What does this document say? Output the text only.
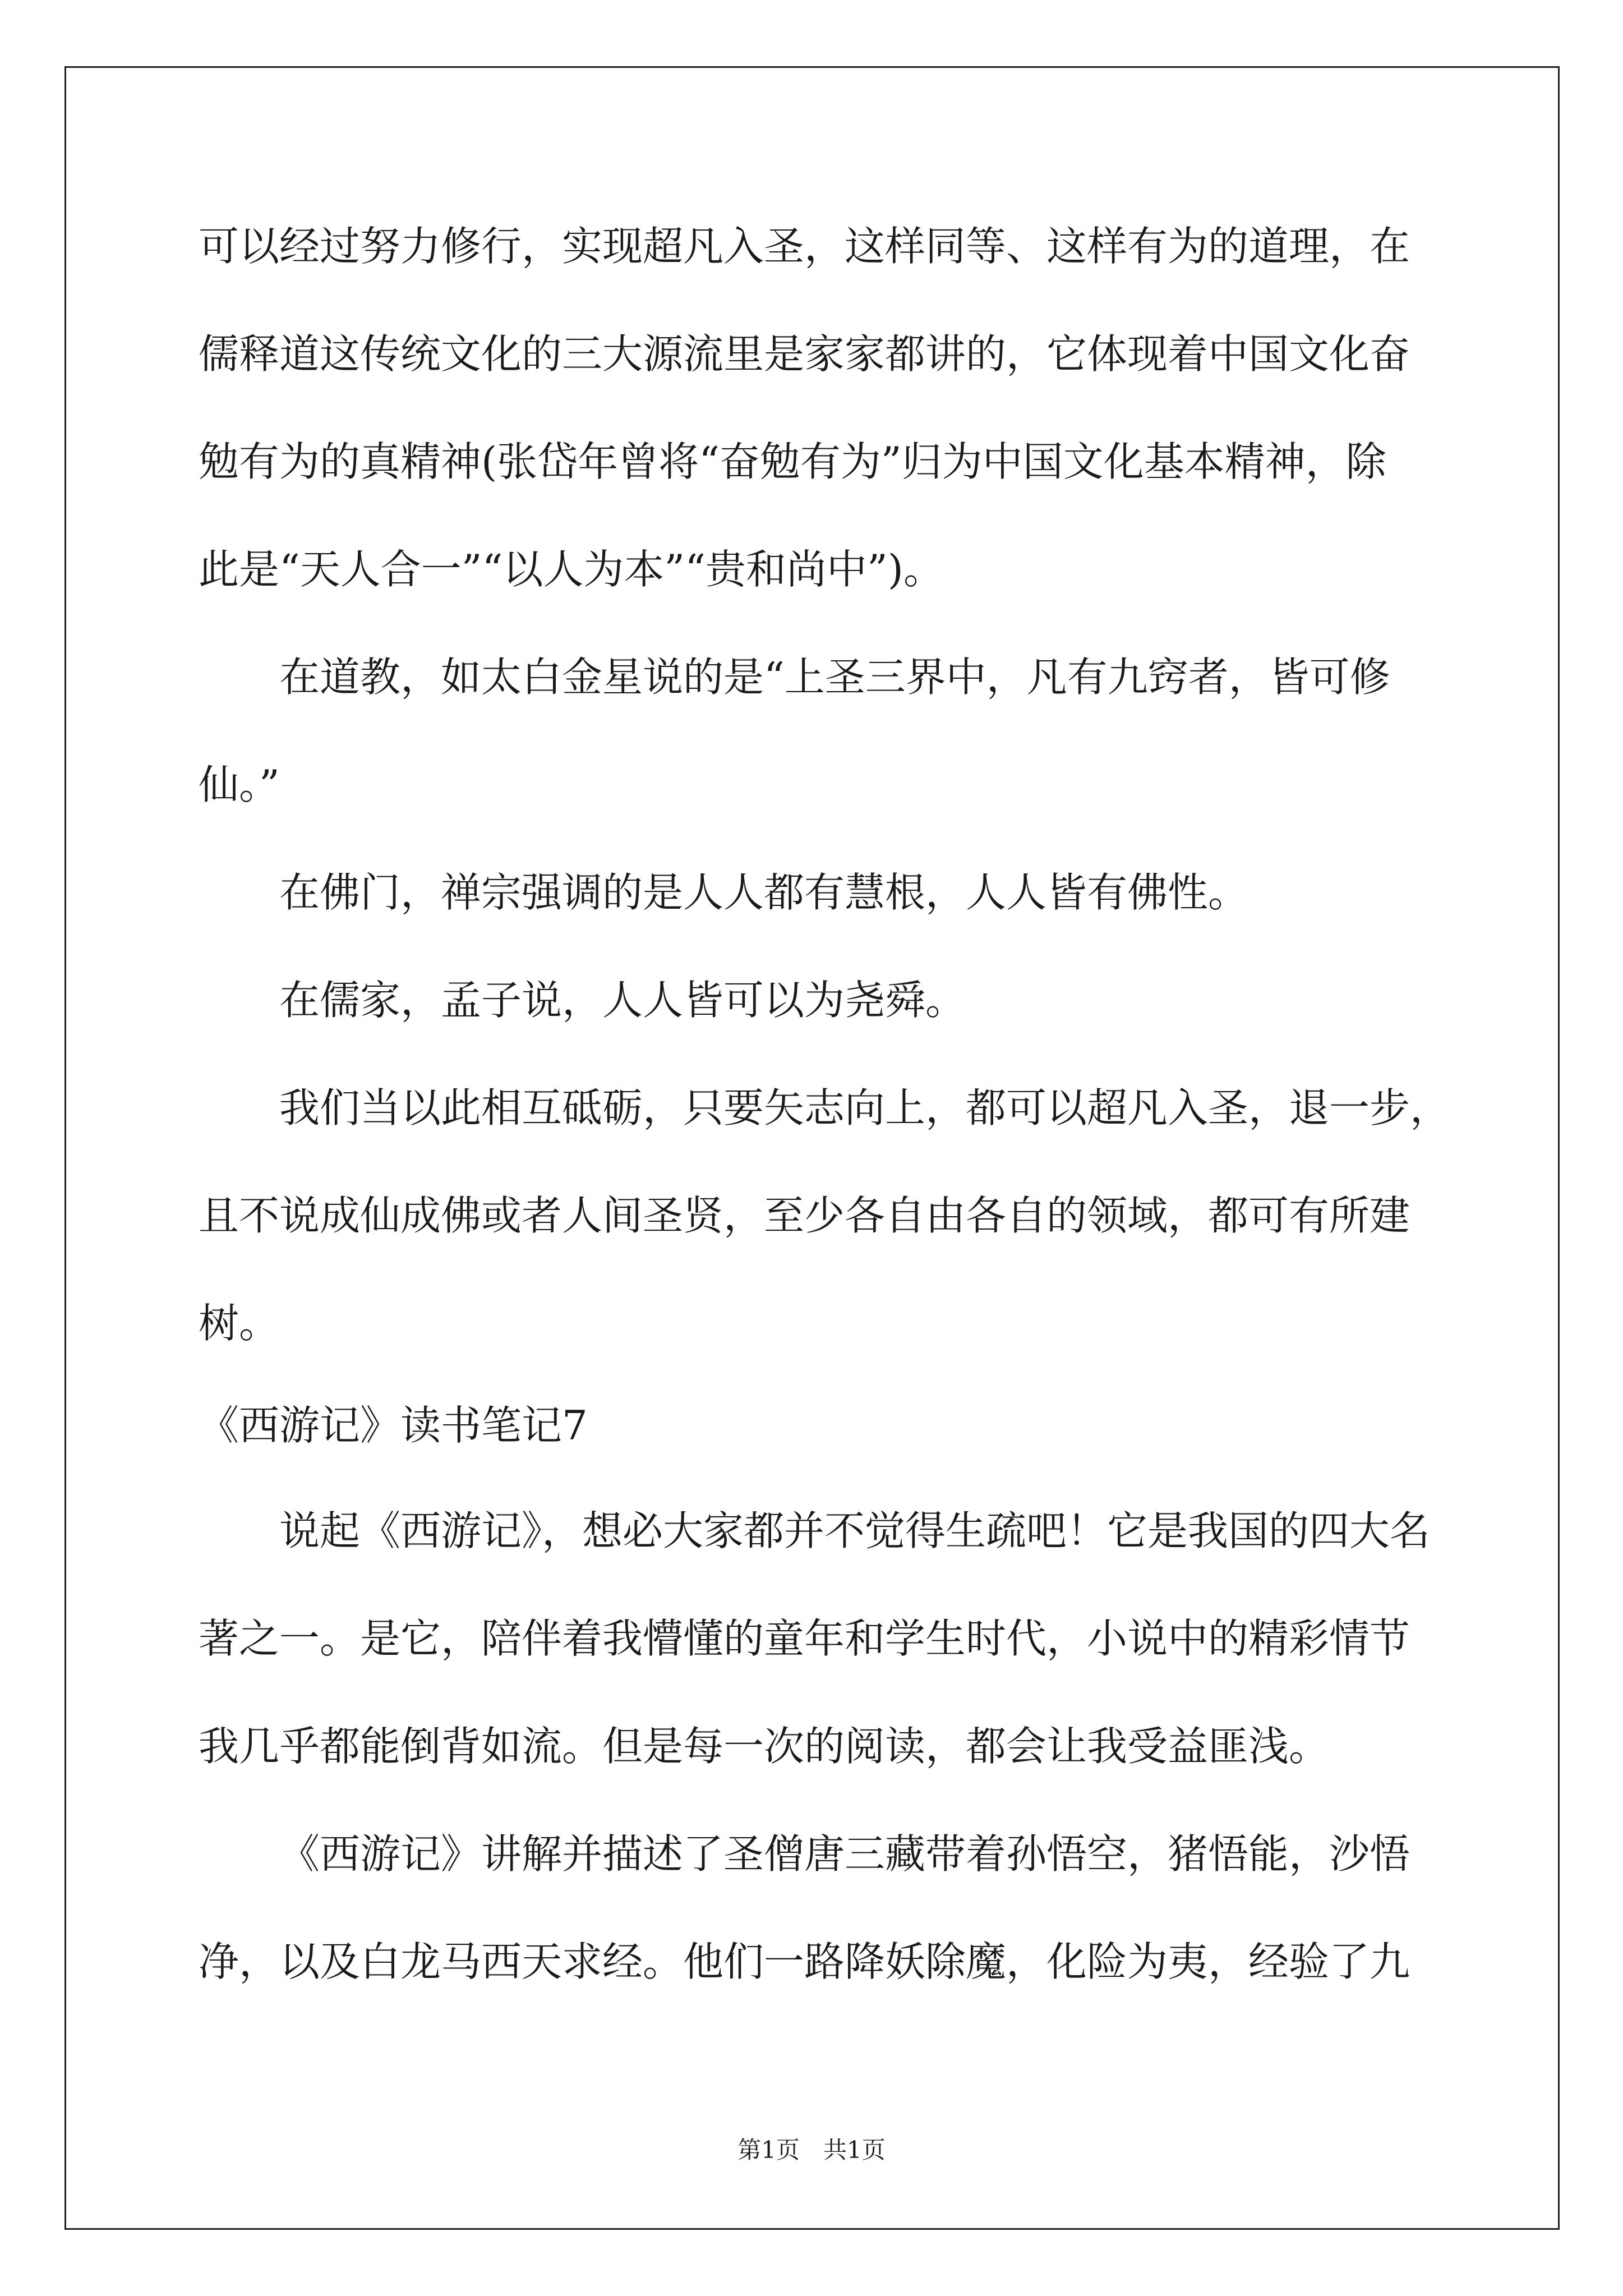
可以经过努力修行，实现超凡入圣，这样同等、这样有为的道理，在
儒释道这传统文化的三大源流里是家家都讲的，它体现着中国文化奋
勉有为的真精神(张岱年曾将“奋勉有为”归为中国文化基本精神，除
此是“天人合一”“以人为本”“贵和尚中”)。
在道教，如太白金星说的是“上圣三界中，凡有九窍者，皆可修
仙。”
在佛门，禅宗强调的是人人都有慧根，人人皆有佛性。
在儒家，孟子说，人人皆可以为尧舜。
我们当以此相互砥砺，只要矢志向上，都可以超凡入圣，退一步，
且不说成仙成佛或者人间圣贤，至少各自由各自的领域，都可有所建
树。
《西游记》读书笔记7
说起《西游记》，想必大家都并不觉得生疏吧！它是我国的四大名
著之一。是它，陪伴着我懵懂的童年和学生时代，小说中的精彩情节
我几乎都能倒背如流。但是每一次的阅读，都会让我受益匪浅。
《西游记》讲解并描述了圣僧唐三藏带着孙悟空，猪悟能，沙悟
净，以及白龙马西天求经。他们一路降妖除魔，化险为夷，经验了九
第1页　共1页
